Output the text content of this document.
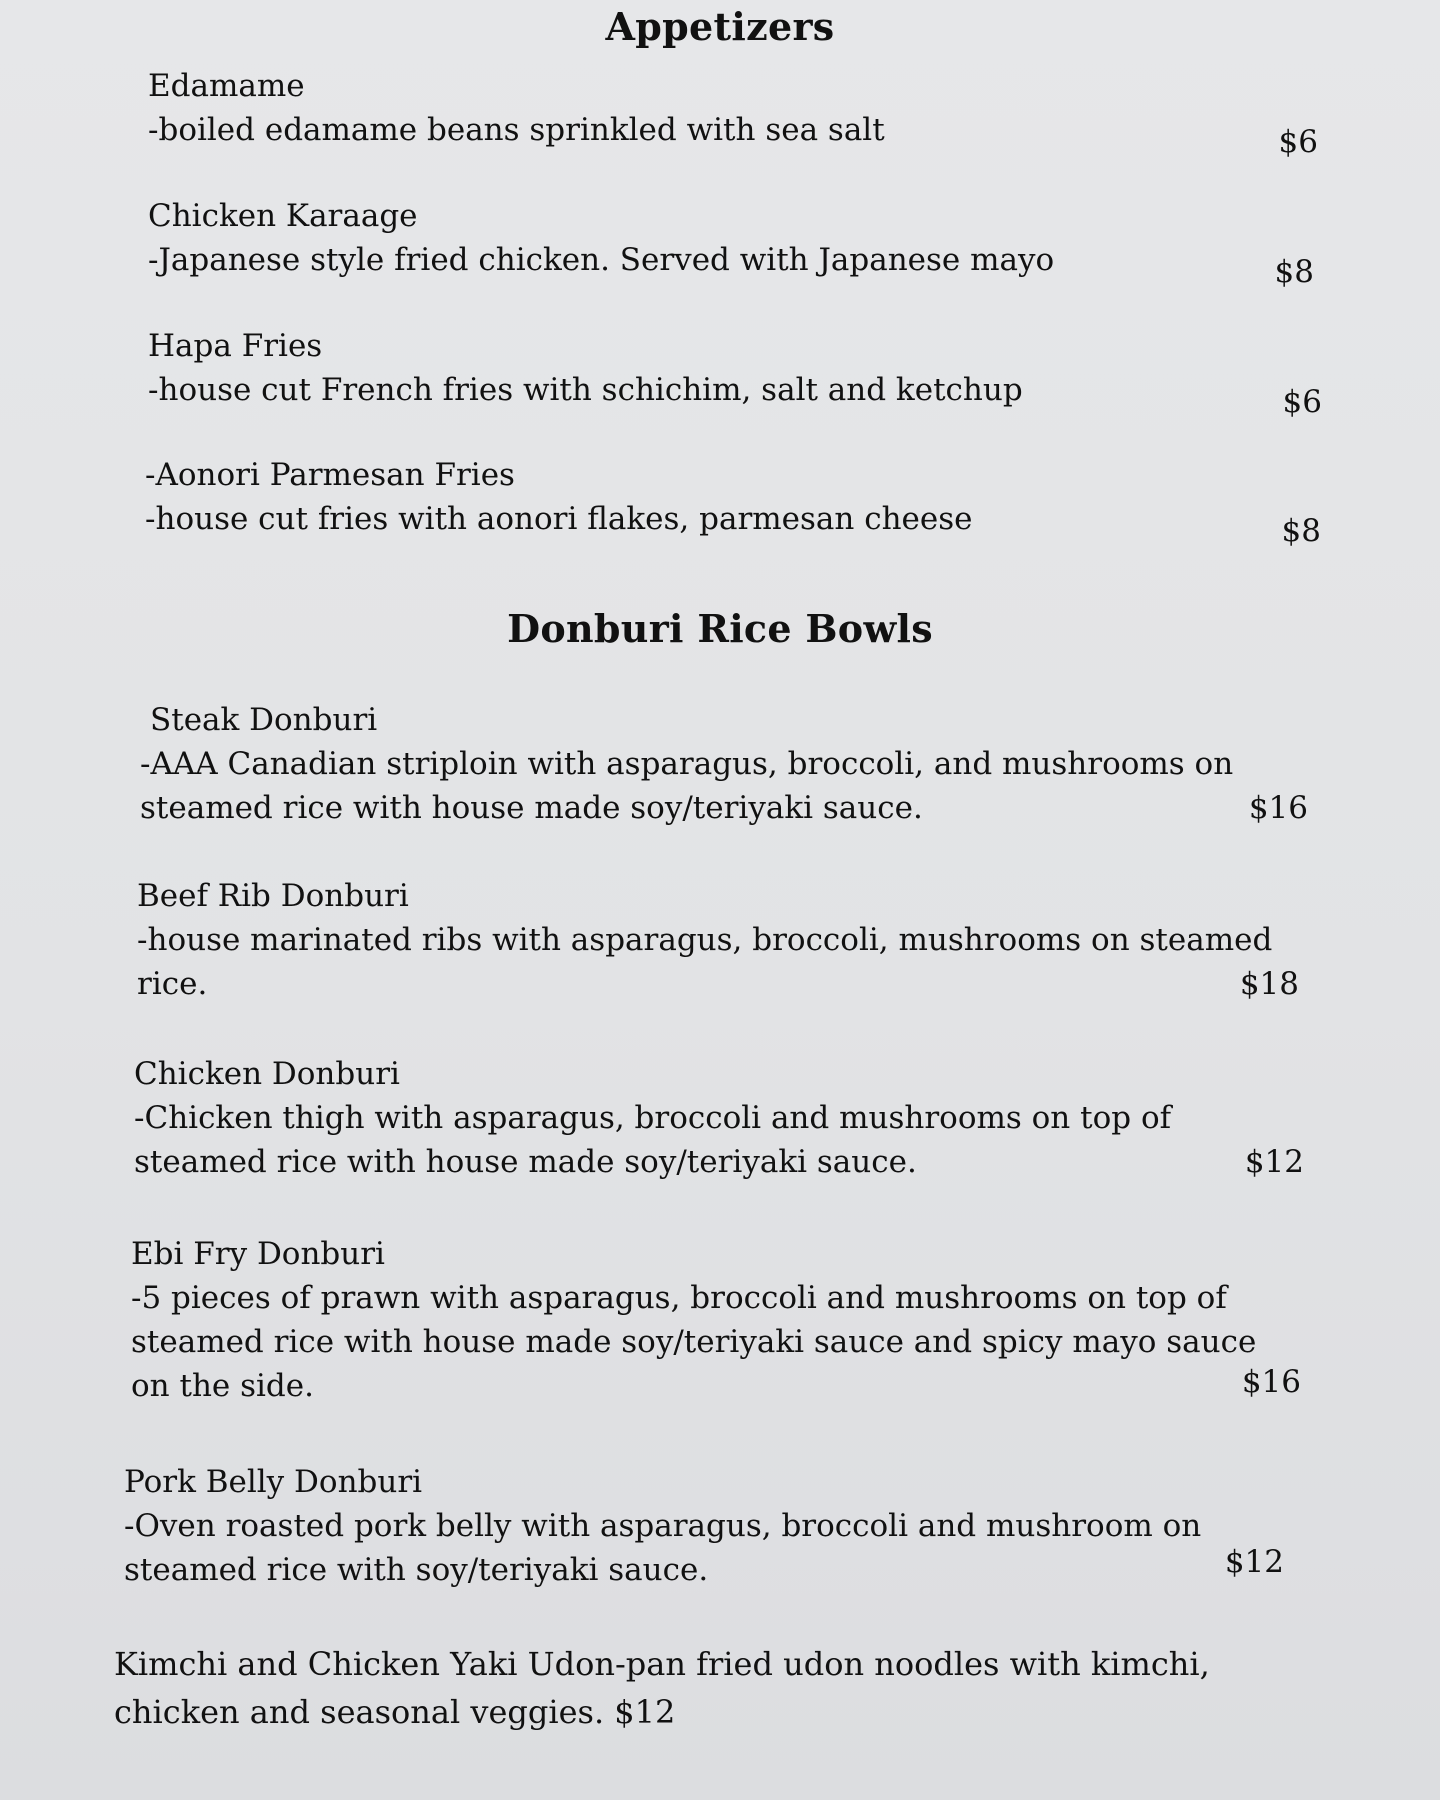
Appetizers
Edamame
-boiled edamame beans sprinkled with sea salt	$6
Chicken Karaage
-Japanese style fried chicken. Served with Japanese mayo	$8
Hapa Fries
-house cut French fries with schichim, salt and ketchup	$6
-Aonori Parmesan Fries
-house cut fries with aonori flakes, parmesan cheese	$8
Donburi Rice Bowls
Steak Donburi
-AAA Canadian striploin with asparagus, broccoli, and mushrooms on
steamed rice with house made soy/teriyaki sauce.	$16
Beef Rib Donburi
-house marinated ribs with asparagus, broccoli, mushrooms on steamed
rice.	$18
Chicken Donburi
-Chicken thigh with asparagus, broccoli and mushrooms on top of
steamed rice with house made soy/teriyaki sauce.	$12
Ebi Fry Donburi
-5 pieces of prawn with asparagus, broccoli and mushrooms on top of
steamed rice with house made soy/teriyaki sauce and spicy mayo sauce
on the side.	$16
Pork Belly Donburi
-Oven roasted pork belly with asparagus, broccoli and mushroom on
steamed rice with soy/teriyaki sauce.	$12
Kimchi and Chicken Yaki Udon-pan fried udon noodles with kimchi,
chicken and seasonal veggies. $12
